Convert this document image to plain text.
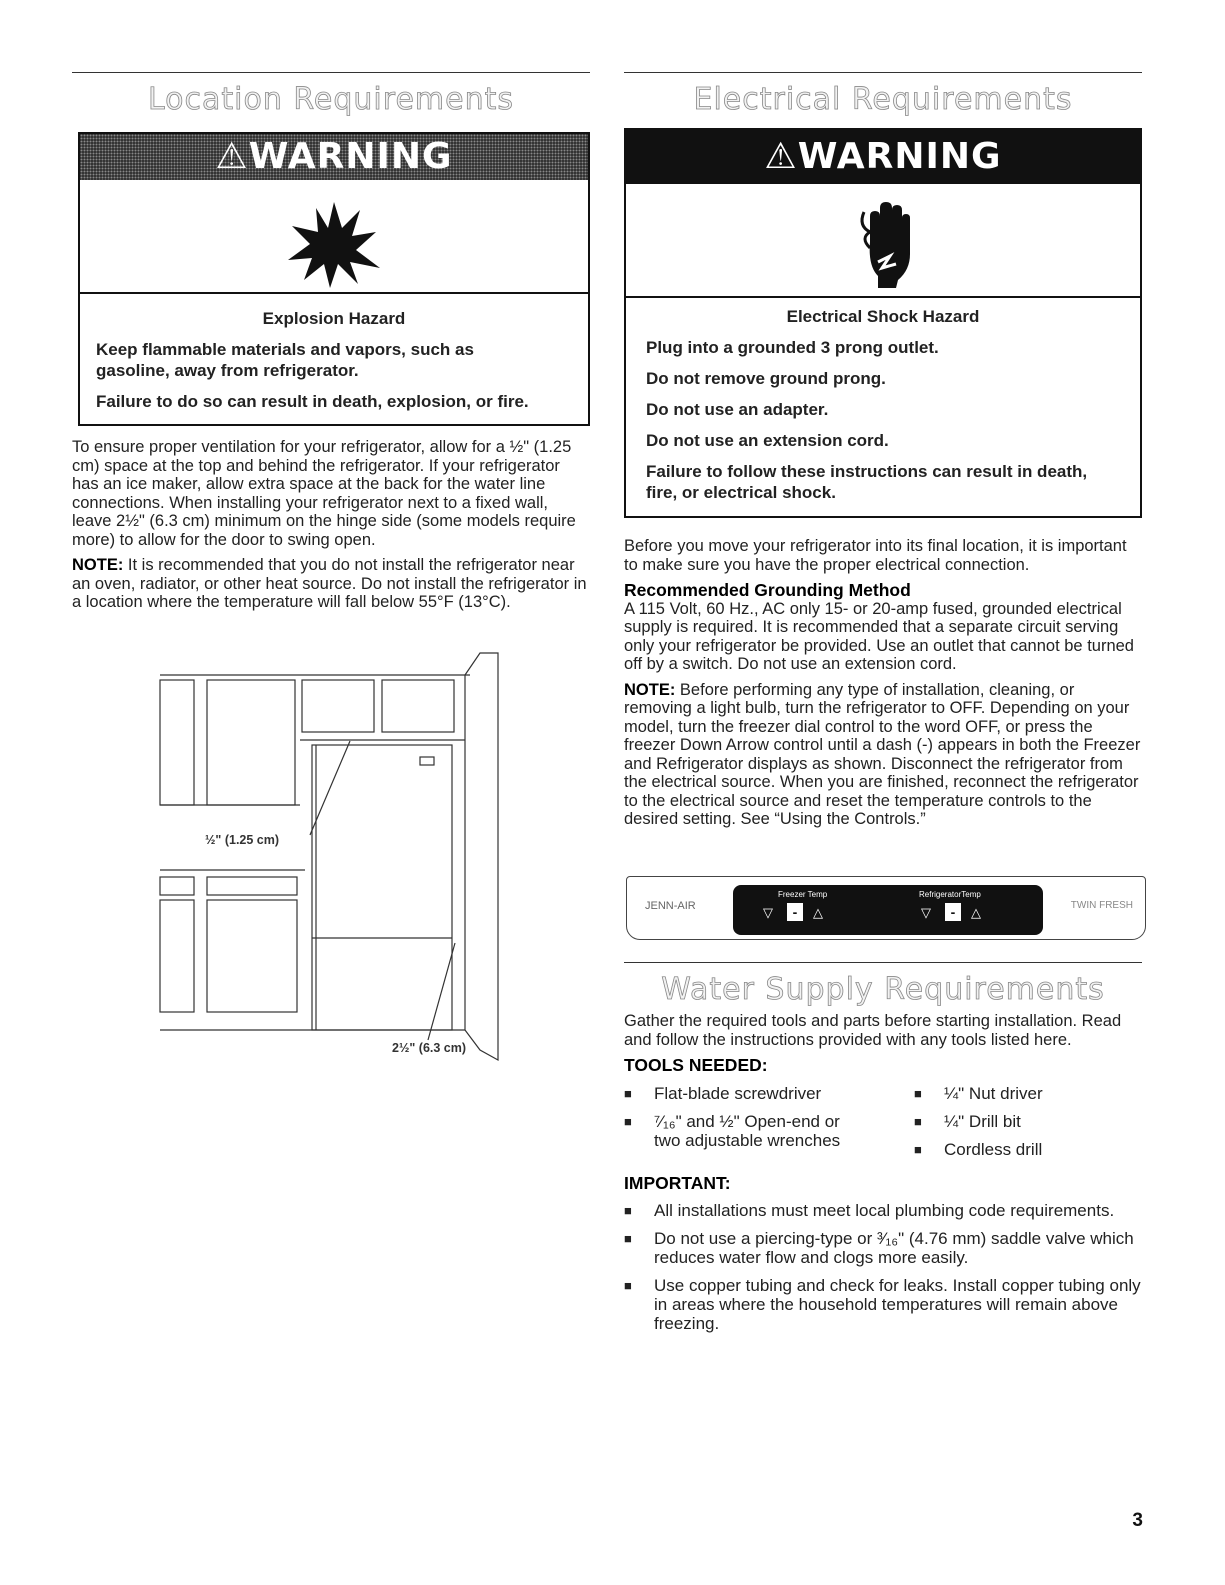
Location Requirements
⚠WARNING
Explosion Hazard

Keep flammable materials and vapors, such as gasoline, away from refrigerator.

Failure to do so can result in death, explosion, or fire.

To ensure proper ventilation for your refrigerator, allow for a ½" (1.25 cm) space at the top and behind the refrigerator. If your refrigerator has an ice maker, allow extra space at the back for the water line connections. When installing your refrigerator next to a fixed wall, leave 2½" (6.3 cm) minimum on the hinge side (some models require more) to allow for the door to swing open.

NOTE: It is recommended that you do not install the refrigerator near an oven, radiator, or other heat source. Do not install the refrigerator in a location where the temperature will fall below 55°F (13°C).

½" (1.25 cm)
2½" (6.3 cm)
Electrical Requirements
⚠WARNING
Electrical Shock Hazard

Plug into a grounded 3 prong outlet.

Do not remove ground prong.

Do not use an adapter.

Do not use an extension cord.

Failure to follow these instructions can result in death, fire, or electrical shock.

Before you move your refrigerator into its final location, it is important to make sure you have the proper electrical connection.

Recommended Grounding Method

A 115 Volt, 60 Hz., AC only 15- or 20-amp fused, grounded electrical supply is required. It is recommended that a separate circuit serving only your refrigerator be provided. Use an outlet that cannot be turned off by a switch. Do not use an extension cord.

NOTE: Before performing any type of installation, cleaning, or removing a light bulb, turn the refrigerator to OFF. Depending on your model, turn the freezer dial control to the word OFF, or press the freezer Down Arrow control until a dash (-) appears in both the Freezer and Refrigerator displays as shown. Disconnect the refrigerator from the electrical source. When you are finished, reconnect the refrigerator to the electrical source and reset the temperature controls to the desired setting. See “Using the Controls.”

JENN-AIR
Freezer Temp	RefrigeratorTemp
▽	-	△	▽	-	△	TWIN FRESH
Water Supply Requirements

Gather the required tools and parts before starting installation. Read and follow the instructions provided with any tools listed here.

TOOLS NEEDED:
■ Flat-blade screwdriver
■ ⁷⁄₁₆" and ½" Open-end or two adjustable wrenches
■ ¼" Nut driver
■ ¼" Drill bit
■ Cordless drill
IMPORTANT:
■ All installations must meet local plumbing code requirements.
■ Do not use a piercing-type or ³⁄₁₆" (4.76 mm) saddle valve which reduces water flow and clogs more easily.
■ Use copper tubing and check for leaks. Install copper tubing only in areas where the household temperatures will remain above freezing.
3
